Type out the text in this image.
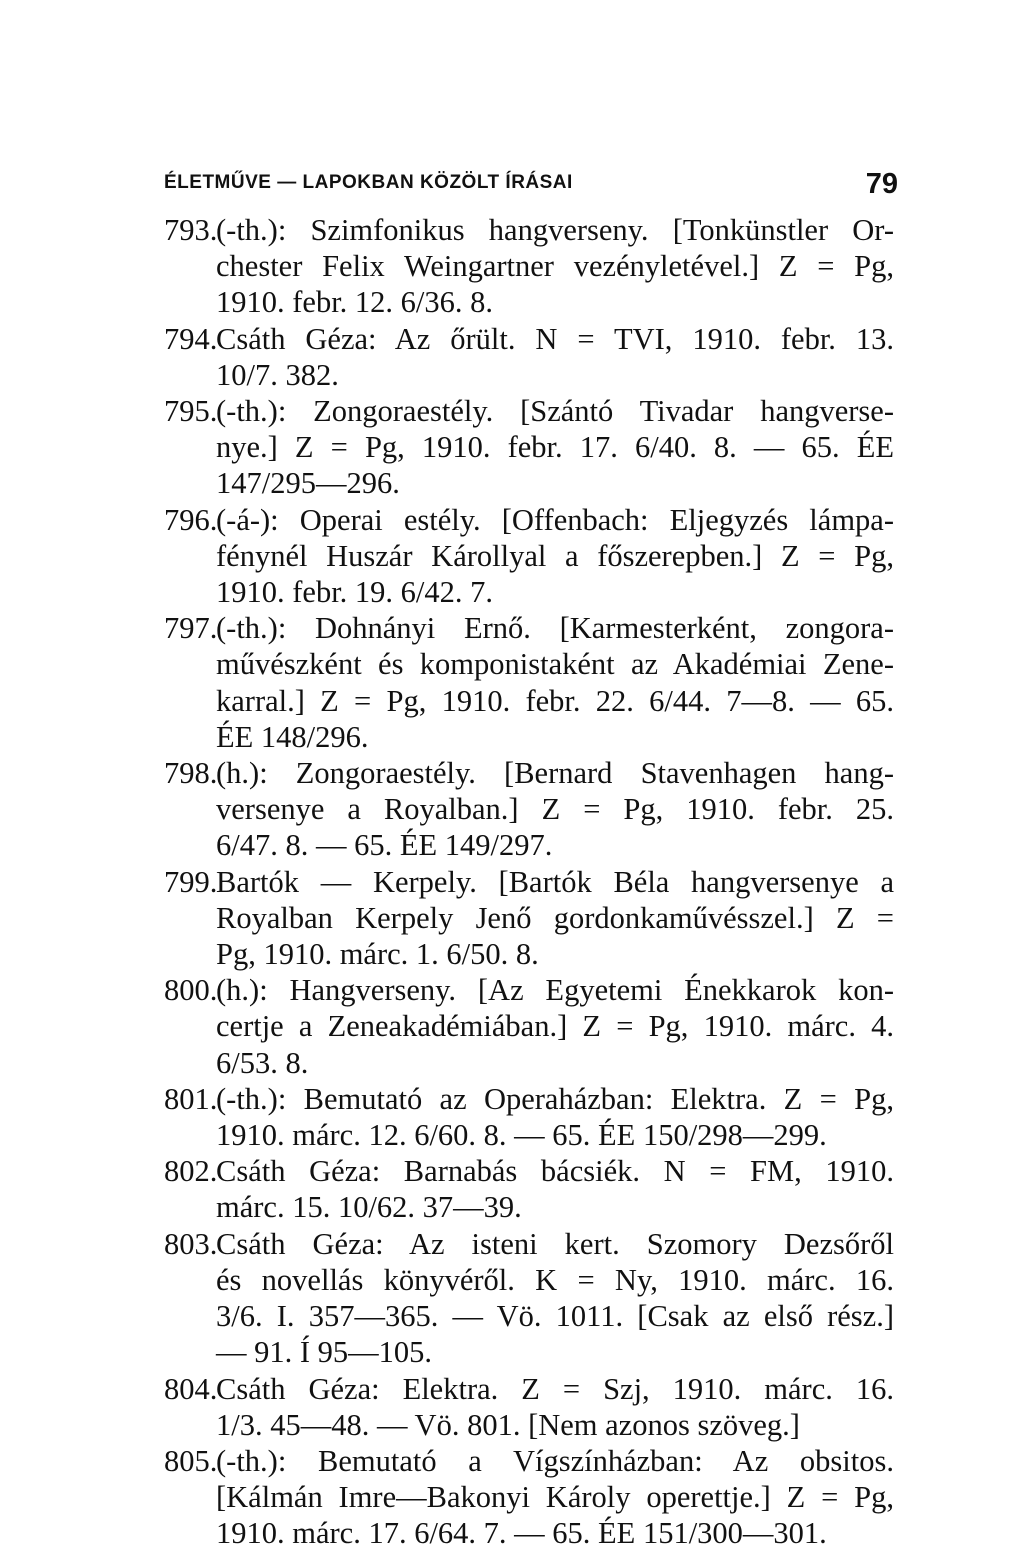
ÉLETMŰVE — LAPOKBAN KÖZÖLT ÍRÁSAI	79
793.
(-th.): Szimfonikus hangverseny. [Tonkünstler Or-
chester Felix Weingartner vezényletével.] Z = Pg,
1910. febr. 12. 6/36. 8.
794.
Csáth Géza: Az őrült. N = TVI, 1910. febr. 13.
10/7. 382.
795.
(-th.): Zongoraestély. [Szántó Tivadar hangverse-
nye.] Z = Pg, 1910. febr. 17. 6/40. 8. — 65. ÉE
147/295—296.
796.
(-á-): Operai estély. [Offenbach: Eljegyzés lámpa-
fénynél Huszár Károllyal a főszerepben.] Z = Pg,
1910. febr. 19. 6/42. 7.
797.
(-th.): Dohnányi Ernő. [Karmesterként, zongora-
művészként és komponistaként az Akadémiai Zene-
karral.] Z = Pg, 1910. febr. 22. 6/44. 7—8. — 65.
ÉE 148/296.
798.
(h.): Zongoraestély. [Bernard Stavenhagen hang-
versenye a Royalban.] Z = Pg, 1910. febr. 25.
6/47. 8. — 65. ÉE 149/297.
799.
Bartók — Kerpely. [Bartók Béla hangversenye a
Royalban Kerpely Jenő gordonkaművésszel.] Z =
Pg, 1910. márc. 1. 6/50. 8.
800.
(h.): Hangverseny. [Az Egyetemi Énekkarok kon-
certje a Zeneakadémiában.] Z = Pg, 1910. márc. 4.
6/53. 8.
801.
(-th.): Bemutató az Operaházban: Elektra. Z = Pg,
1910. márc. 12. 6/60. 8. — 65. ÉE 150/298—299.
802.
Csáth Géza: Barnabás bácsiék. N = FM, 1910.
márc. 15. 10/62. 37—39.
803.
Csáth Géza: Az isteni kert. Szomory Dezsőről
és novellás könyvéről. K = Ny, 1910. márc. 16.
3/6. I. 357—365. — Vö. 1011. [Csak az első rész.]
— 91. Í 95—105.
804.
Csáth Géza: Elektra. Z = Szj, 1910. márc. 16.
1/3. 45—48. — Vö. 801. [Nem azonos szöveg.]
805.
(-th.): Bemutató a Vígszínházban: Az obsitos.
[Kálmán Imre—Bakonyi Károly operettje.] Z = Pg,
1910. márc. 17. 6/64. 7. — 65. ÉE 151/300—301.
